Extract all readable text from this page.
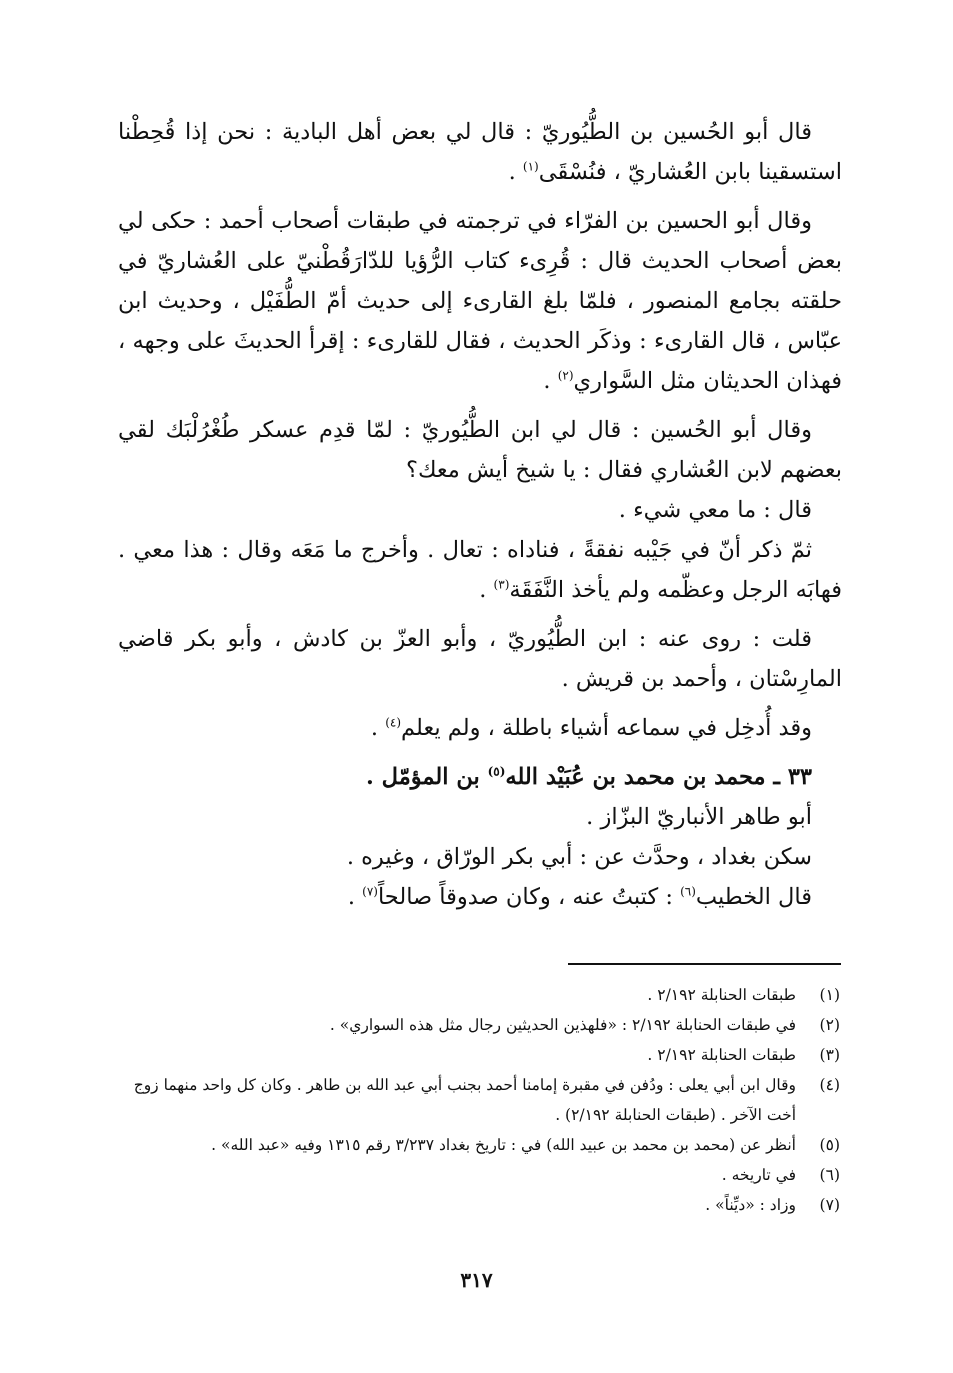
قال أبو الحُسين بن الطُّيُوريّ : قال لي بعض أهل البادية : نحن إذا قُحِطْنا استسقينا بابن العُشاريّ ، فنُسْقَى$^{(١)}$ .

وقال أبو الحسين بن الفرّاء في ترجمته في طبقات أصحاب أحمد : حكى لي بعض أصحاب الحديث قال : قُرِىء كتاب الرُّؤيا للدّارَقُطْنيّ على العُشاريّ في حلقته بجامع المنصور ، فلمّا بلغ القارىء إلى حديث أمّ الطُّفَيْل ، وحديث ابن عبّاس ، قال القارىء : وذكَر الحديث ، فقال للقارىء : إقرأ الحديثَ على وجهه ، فهذان الحديثان مثل السَّواري$^{(٢)}$ .

وقال أبو الحُسين : قال لي ابن الطُّيُوريّ : لمّا قدِم عسكر طُغْرُلْبَك لقي بعضهم لابن العُشاري فقال : يا شيخ أيش معك؟

قال : ما معي شيء .

ثمّ ذكر أنّ في جَيْبه نفقةً ، فناداه : تعال . وأخرج ما مَعَه وقال : هذا معي . فهابَه الرجل وعظّمه ولم يأخذ النَّفَقَة$^{(٣)}$ .

قلت : روى عنه : ابن الطُّيُوريّ ، وأبو العزّ بن كادش ، وأبو بكر قاضي المارِسْتان ، وأحمد بن قريش .

وقد أُدخِل في سماعه أشياء باطلة ، ولم يعلم$^{(٤)}$ .

٣٣ ـ محمد بن محمد بن عُبَيْد الله$^{(٥)}$ بن المؤمّل .

أبو طاهر الأنباريّ البزّاز .

سكن بغداد ، وحدَّث عن : أبي بكر الورّاق ، وغيره .

قال الخطيب$^{(٦)}$ : كتبتُ عنه ، وكان صدوقاً صالحاً$^{(٧)}$ .

(١)
طبقات الحنابلة ٢/١٩٢ .
(٢)
في طبقات الحنابلة ٢/١٩٢ : «فلهذين الحديثين رجال مثل هذه السواري» .
(٣)
طبقات الحنابلة ٢/١٩٢ .
(٤)
وقال ابن أبي يعلى : ودُفن في مقبرة إمامنا أحمد بجنب أبي عبد الله بن طاهر . وكان كل واحد منهما زوج أخت الآخر . (طبقات الحنابلة ٢/١٩٢) .
(٥)
أنظر عن (محمد بن محمد بن عبيد الله) في : تاريخ بغداد ٣/٢٣٧ رقم ١٣١٥ وفيه «عبد الله» .
(٦)
في تاريخه .
(٧)
وزاد : «ديِّناً» .
٣١٧
